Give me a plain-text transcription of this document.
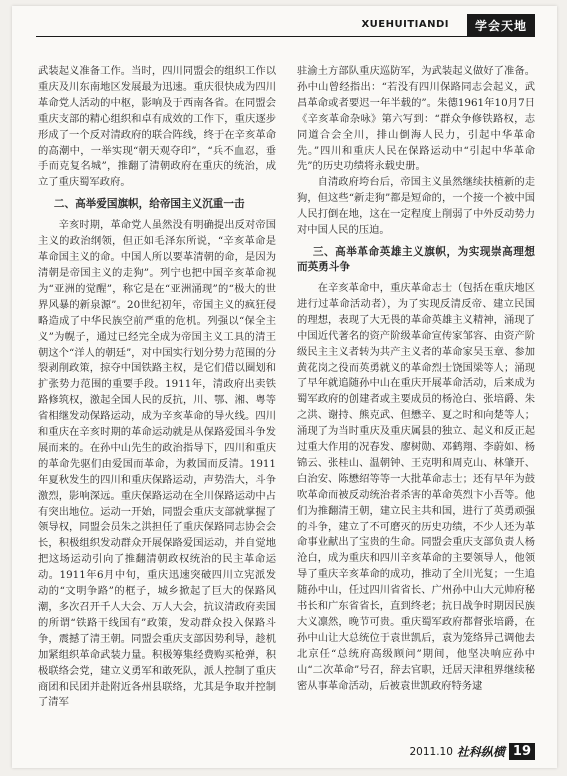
XUEHUITIANDI	学会天地

武装起义准备工作。当时，四川同盟会的组织工作以重庆及川东南地区发展最为迅速。重庆很快成为四川革命党人活动的中枢，影响及于西南各省。在同盟会重庆支部的精心组织和卓有成效的工作下，重庆逐步形成了一个反对清政府的联合阵线，终于在辛亥革命的高潮中，一举实现“朝天观夺印”，“兵不血忍，垂手而克复名城”，推翻了清朝政府在重庆的统治，成立了重庆蜀军政府。

二、高举爱国旗帜，给帝国主义沉重一击

辛亥时期，革命党人虽然没有明确提出反对帝国主义的政治纲领，但正如毛泽东所说，“辛亥革命是革命国主义的命。中国人所以要革清朝的命，是因为清朝是帝国主义的走狗”。列宁也把中国辛亥革命视为“亚洲的觉醒”，称它是在“亚洲涌现”的“极大的世界风暴的新泉源”。20世纪初年，帝国主义的疯狂侵略造成了中华民族空前严重的危机。列强以“保全主义”为幌子，通过已经完全成为帝国主义工具的清王朝这个“洋人的朝廷”，对中国实行划分势力范围的分裂剥削政策，掠夺中国铁路主权，是它们借以圈划和扩张势力范围的重要手段。1911年，清政府出卖铁路修筑权，激起全国人民的反抗，川、鄂、湘、粤等省相继发动保路运动，成为辛亥革命的导火线。四川和重庆在辛亥时期的革命运动就是从保路爱国斗争发展而来的。在孙中山先生的政治指导下，四川和重庆的革命先驱们由爱国而革命，为救国而反清。1911年夏秋发生的四川和重庆保路运动，声势浩大，斗争激烈，影响深远。重庆保路运动在全川保路运动中占有突出地位。运动一开始，同盟会重庆支部就掌握了领导权，同盟会员朱之洪担任了重庆保路同志协会会长，积极组织发动群众开展保路爱国运动，并自觉地把这场运动引向了推翻清朝政权统治的民主革命运动。1911年6月中旬，重庆迅速突破四川立宪派发动的“文明争路”的框子，城乡掀起了巨大的保路风潮，多次召开千人大会、万人大会，抗议清政府卖国的所谓“铁路干线国有”政策，发动群众投入保路斗争，震撼了清王朝。同盟会重庆支部因势利导，趁机加紧组织革命武装力量。积极筹集经费购买枪弹，积极联络会党，建立义勇军和敢死队，派人控制了重庆商团和民团并赴附近各州县联络，尤其是争取并控制了清军

驻渝土方部队重庆巡防军，为武装起义做好了准备。孙中山曾经指出：“若没有四川保路同志会起义，武昌革命或者要迟一年半载的”。朱德1961年10月7日《辛亥革命杂咏》第六写到：“群众争修铁路权，志同道合会全川，排山倒海人民力，引起中华革命先。”四川和重庆人民在保路运动中“引起中华革命先”的历史功绩将永载史册。

自清政府垮台后，帝国主义虽然继续扶植新的走狗，但这些“新走狗”都是短命的，一个接一个被中国人民打倒在地，这在一定程度上削弱了中外反动势力对中国人民的压迫。

三、高举革命英雄主义旗帜，为实现崇高理想而英勇斗争

在辛亥革命中，重庆革命志士（包括在重庆地区进行过革命活动者），为了实现反清反帝、建立民国的理想，表现了大无畏的革命英雄主义精神，涌现了中国近代著名的资产阶级革命宣传家邹容、由资产阶级民主主义者转为共产主义者的革命家吴玉章、参加黄花岗之役而英勇就义的革命烈士饶国梁等人；涌现了早年就追随孙中山在重庆开展革命活动，后来成为蜀军政府的创建者或主要成员的杨沧白、张培爵、朱之洪、谢持、熊克武、但懋辛、夏之时和向楚等人；涌现了为当时重庆及重庆属县的独立、起义和反正起过重大作用的况春发、廖树勋、邓鹤翔、李蔚如、杨锦云、张桂山、温朝钟、王克明和周克山、林肇开、白治安、陈懋绍等等一大批革命志士；还有早年为鼓吹革命而被反动统治者杀害的革命英烈卞小吾等。他们为推翻清王朝，建立民主共和国，进行了英勇顽强的斗争，建立了不可磨灭的历史功绩，不少人还为革命事业献出了宝贵的生命。同盟会重庆支部负责人杨沧白，成为重庆和四川辛亥革命的主要领导人，他领导了重庆辛亥革命的成功，推动了全川光复；一生追随孙中山，任过四川省省长、广州孙中山大元帅府秘书长和广东省省长，直到终老；抗日战争时期因民族大义凛然，晚节可贵。重庆蜀军政府都督张培爵，在孙中山让大总统位于袁世凯后，袁为笼络异己调他去北京任“总统府高级顾问”期间，他坚决响应孙中山“二次革命”号召，辞去官职，迁居天津租界继续秘密从事革命活动，后被袁世凯政府特务逮

2011.10 社科纵横 19
